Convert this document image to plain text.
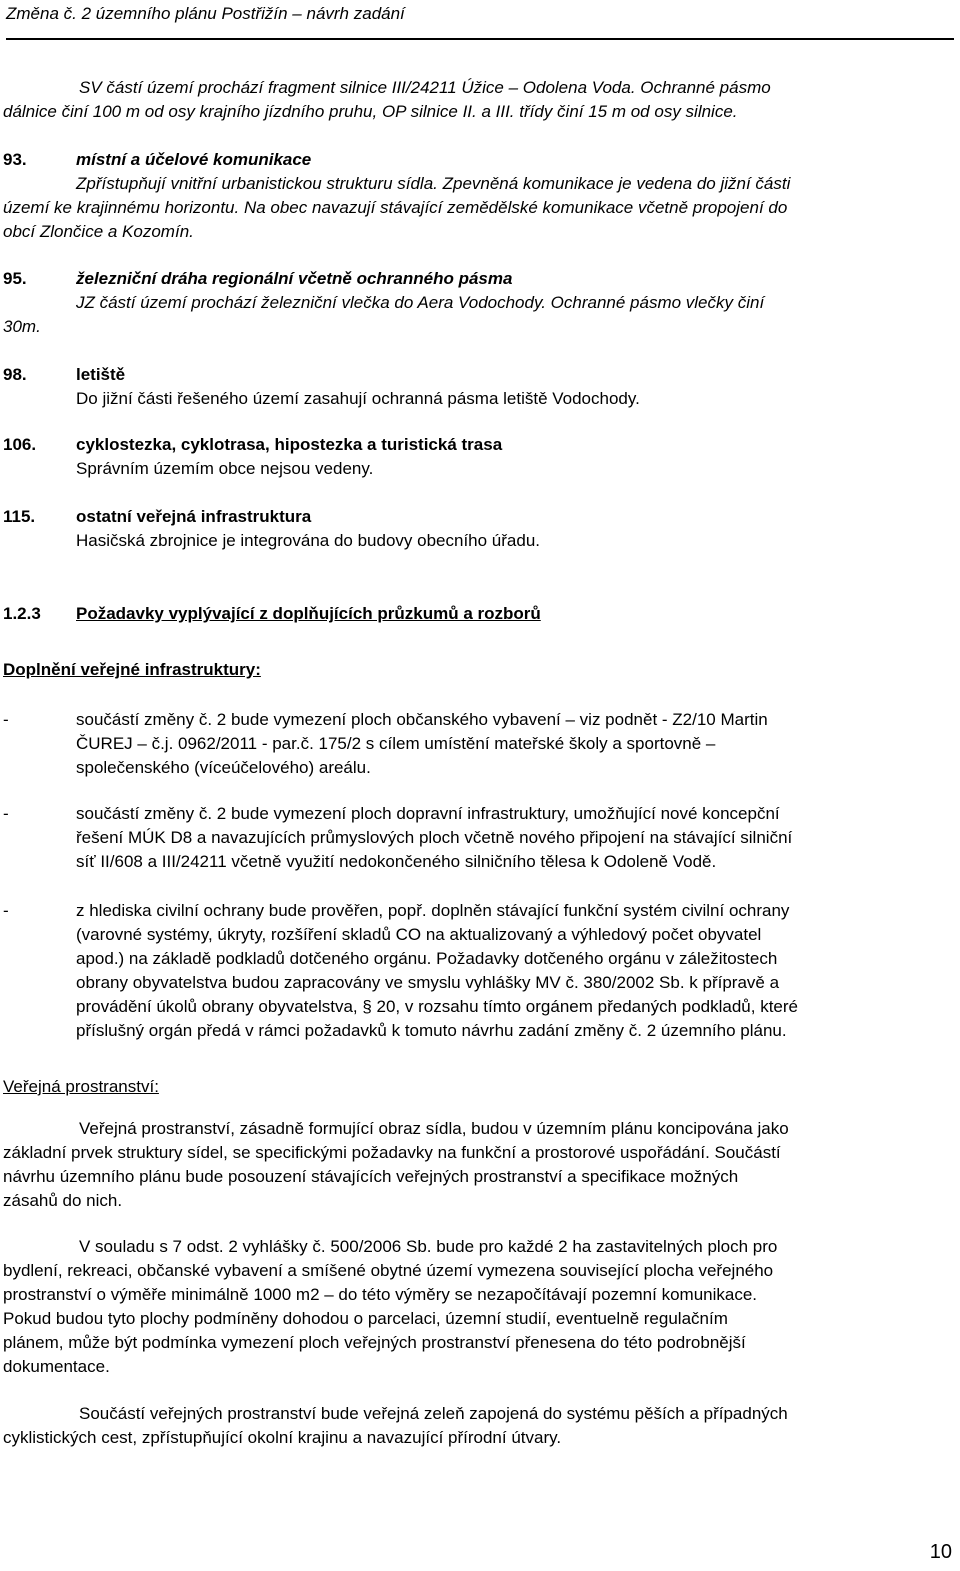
Změna č. 2 územního plánu Postřižín – návrh zadání
SV částí území prochází fragment silnice III/24211 Úžice – Odolena Voda. Ochranné pásmo
dálnice činí 100 m od osy krajního jízdního pruhu, OP silnice II. a III. třídy činí 15 m od osy silnice.
93.	místní a účelové komunikace
Zpřístupňují vnitřní urbanistickou strukturu sídla. Zpevněná komunikace je vedena do jižní části
území ke krajinnému horizontu. Na obec navazují stávající zemědělské komunikace včetně propojení do
obcí Zlončice a Kozomín.
95.	železniční dráha regionální včetně ochranného pásma
JZ částí území prochází železniční vlečka do Aera Vodochody. Ochranné pásmo vlečky činí
30m.
98.	letiště
Do jižní části řešeného území zasahují ochranná pásma letiště Vodochody.
106. cyklostezka, cyklotrasa, hipostezka a turistická trasa
Správním územím obce nejsou vedeny.
115. ostatní veřejná infrastruktura
Hasičská zbrojnice je integrována do budovy obecního úřadu.
1.2.3 Požadavky vyplývající z doplňujících průzkumů a rozborů
Doplnění veřejné infrastruktury:
-	součástí změny č. 2 bude vymezení ploch občanského vybavení – viz podnět - Z2/10 Martin
ČUREJ – č.j. 0962/2011 - par.č. 175/2 s cílem umístění mateřské školy a sportovně –
společenského (víceúčelového) areálu.
-	součástí změny č. 2 bude vymezení ploch dopravní infrastruktury, umožňující nové koncepční
řešení MÚK D8 a navazujících průmyslových ploch včetně nového připojení na stávající silniční
síť II/608 a III/24211 včetně využití nedokončeného silničního tělesa k Odoleně Vodě.
-	z hlediska civilní ochrany bude prověřen, popř. doplněn stávající funkční systém civilní ochrany
(varovné systémy, úkryty, rozšíření skladů CO na aktualizovaný a výhledový počet obyvatel
apod.) na základě podkladů dotčeného orgánu. Požadavky dotčeného orgánu v záležitostech
obrany obyvatelstva budou zapracovány ve smyslu vyhlášky MV č. 380/2002 Sb. k přípravě a
provádění úkolů obrany obyvatelstva, § 20, v rozsahu tímto orgánem předaných podkladů, které
příslušný orgán předá v rámci požadavků k tomuto návrhu zadání změny č. 2 územního plánu.
Veřejná prostranství:
Veřejná prostranství, zásadně formující obraz sídla, budou v územním plánu koncipována jako
základní prvek struktury sídel, se specifickými požadavky na funkční a prostorové uspořádání. Součástí
návrhu územního plánu bude posouzení stávajících veřejných prostranství a specifikace možných
zásahů do nich.
V souladu s 7 odst. 2 vyhlášky č. 500/2006 Sb. bude pro každé 2 ha zastavitelných ploch pro
bydlení, rekreaci, občanské vybavení a smíšené obytné území vymezena související plocha veřejného
prostranství o výměře minimálně 1000 m2 – do této výměry se nezapočítávají pozemní komunikace.
Pokud budou tyto plochy podmíněny dohodou o parcelaci, územní studií, eventuelně regulačním
plánem, může být podmínka vymezení ploch veřejných prostranství přenesena do této podrobnější
dokumentace.
Součástí veřejných prostranství bude veřejná zeleň zapojená do systému pěších a případných
cyklistických cest, zpřístupňující okolní krajinu a navazující přírodní útvary.
10
